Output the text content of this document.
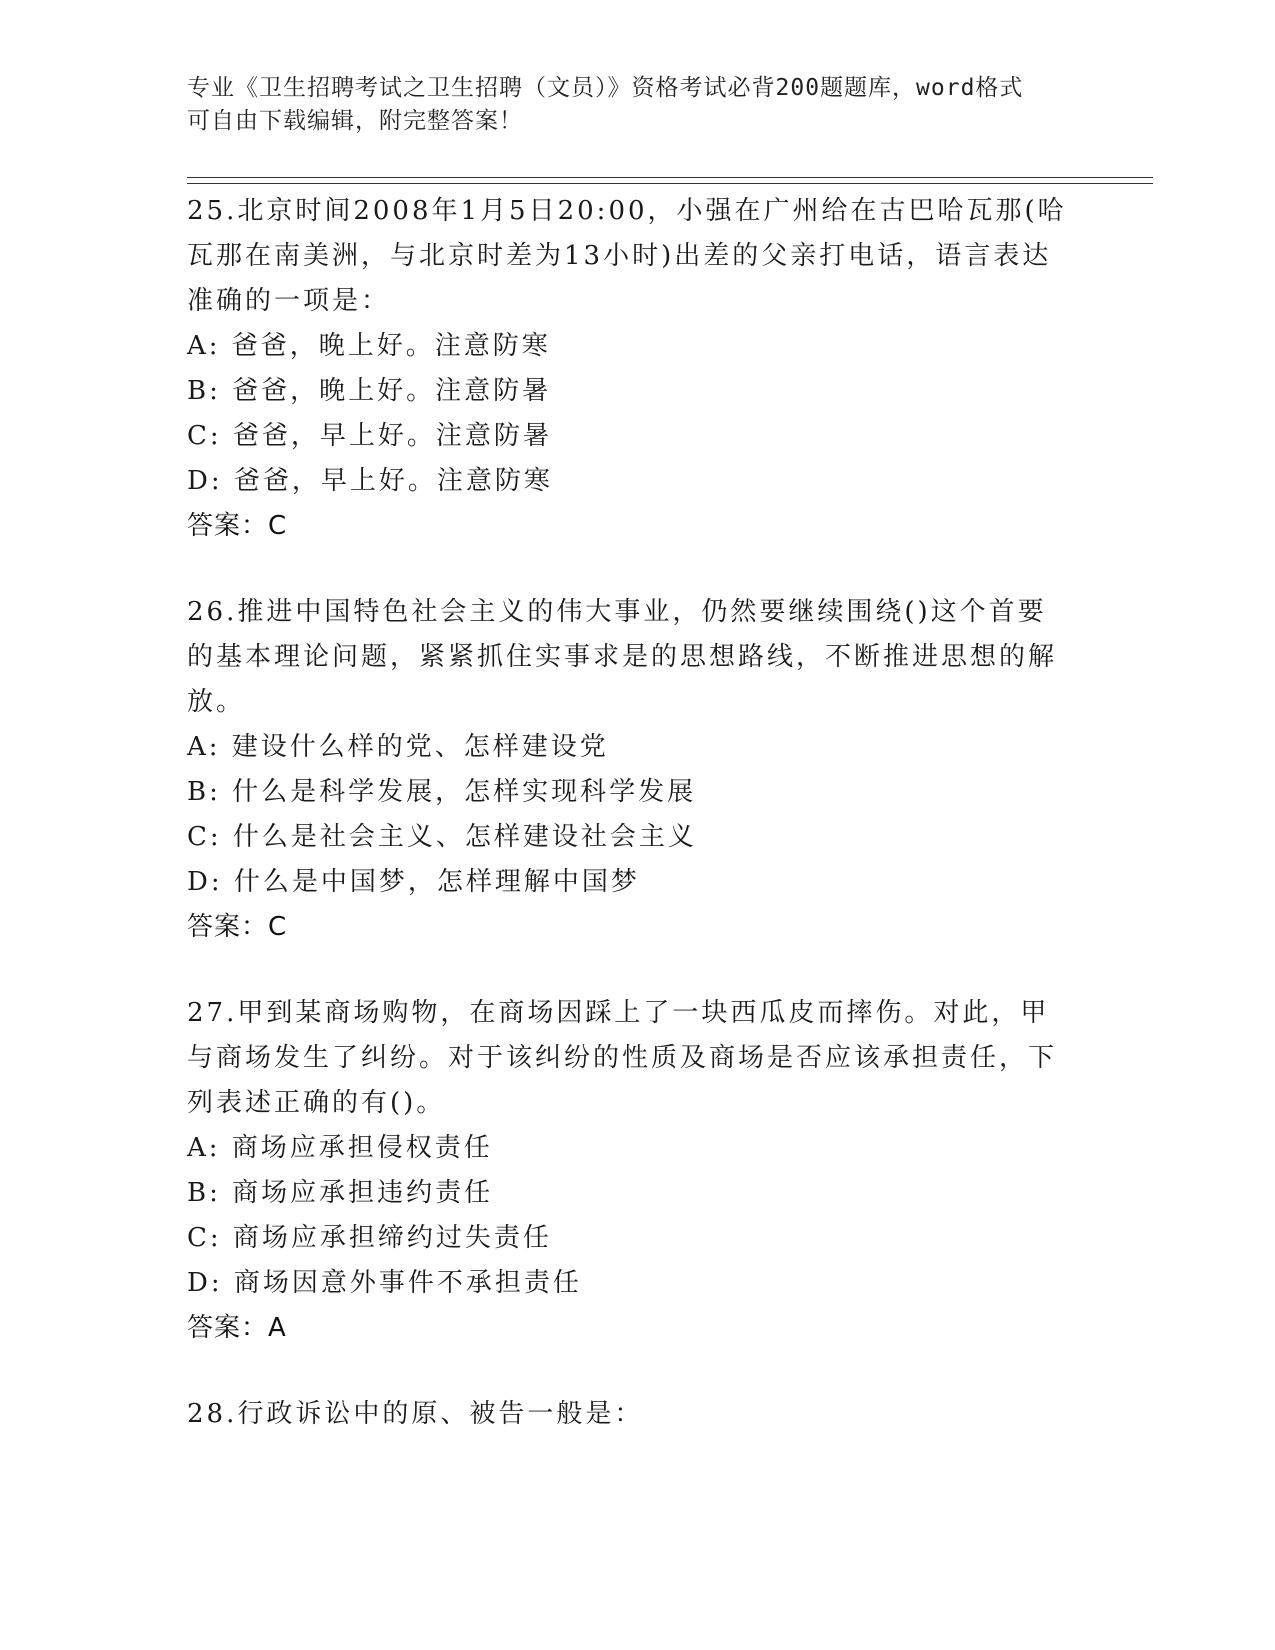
专业《卫生招聘考试之卫生招聘（文员）》资格考试必背200题题库，word格式
可自由下载编辑，附完整答案！
25.北京时间2008年1月5日20:00，小强在广州给在古巴哈瓦那(哈瓦那在南美洲，与北京时差为13小时)出差的父亲打电话，语言表达准确的一项是：
A: 爸爸，晚上好。注意防寒
B: 爸爸，晚上好。注意防暑
C: 爸爸，早上好。注意防暑
D: 爸爸，早上好。注意防寒
答案：C
26.推进中国特色社会主义的伟大事业，仍然要继续围绕()这个首要的基本理论问题，紧紧抓住实事求是的思想路线，不断推进思想的解放。
A: 建设什么样的党、怎样建设党
B: 什么是科学发展，怎样实现科学发展
C: 什么是社会主义、怎样建设社会主义
D: 什么是中国梦，怎样理解中国梦
答案：C
27.甲到某商场购物，在商场因踩上了一块西瓜皮而摔伤。对此，甲与商场发生了纠纷。对于该纠纷的性质及商场是否应该承担责任，下列表述正确的有()。
A: 商场应承担侵权责任
B: 商场应承担违约责任
C: 商场应承担缔约过失责任
D: 商场因意外事件不承担责任
答案：A
28.行政诉讼中的原、被告一般是：
